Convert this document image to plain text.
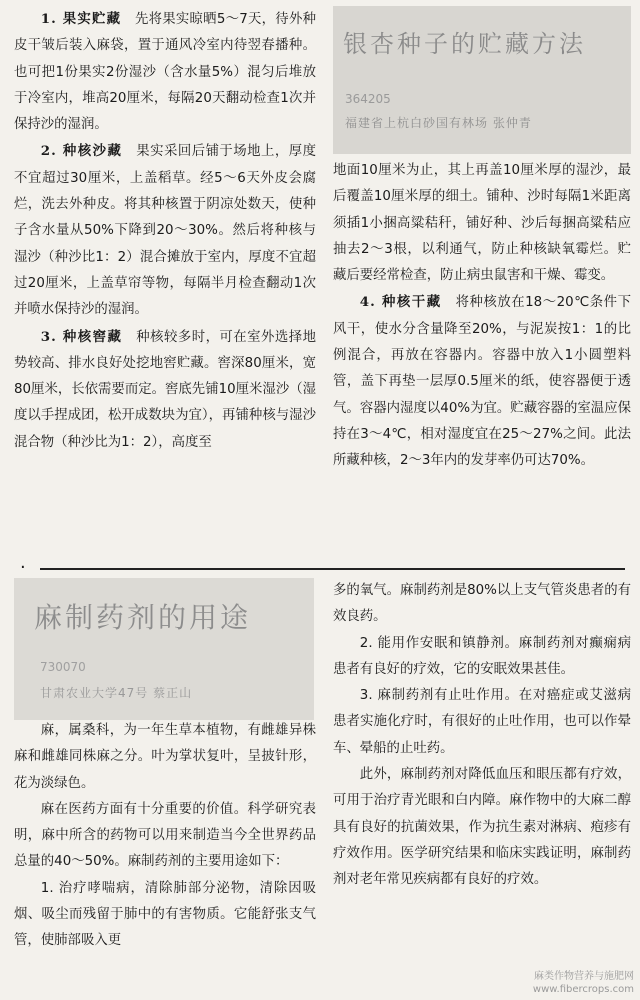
银杏种子的贮藏方法
364205
福建省上杭白砂国有林场 张仲青

1. 果实贮藏　 先将果实晾晒5～7天，待外种皮干皱后装入麻袋，置于通风冷室内待翌春播种。也可把1份果实2份湿沙（含水量5%）混匀后堆放于冷室内，堆高20厘米，每隔20天翻动检查1次并保持沙的湿润。

2. 种核沙藏　 果实采回后铺于场地上，厚度不宜超过30厘米，上盖稻草。经5～6天外皮会腐烂，洗去外种皮。将其种核置于阴凉处数天，使种子含水量从50%下降到20～30%。然后将种核与湿沙（种沙比1：2）混合摊放于室内，厚度不宜超过20厘米，上盖草帘等物，每隔半月检查翻动1次并喷水保持沙的湿润。

3. 种核窖藏　 种核较多时，可在室外选择地势较高、排水良好处挖地窖贮藏。窖深80厘米，宽80厘米，长依需要而定。窖底先铺10厘米湿沙（湿度以手捏成团，松开成数块为宜），再铺种核与湿沙混合物（种沙比为1：2），高度至

地面10厘米为止，其上再盖10厘米厚的湿沙，最后覆盖10厘米厚的细土。铺种、沙时每隔1米距离须插1小捆高粱秸秆，铺好种、沙后每捆高粱秸应抽去2～3根，以利通气，防止种核缺氧霉烂。贮藏后要经常检查，防止病虫鼠害和干燥、霉变。

4. 种核干藏　 将种核放在18～20℃条件下风干，使水分含量降至20%，与泥炭按1：1的比例混合，再放在容器内。容器中放入1小圆塑料管，盖下再垫一层厚0.5厘米的纸，使容器便于透气。容器内湿度以40%为宜。贮藏容器的室温应保持在3～4℃，相对湿度宜在25～27%之间。此法所藏种核，2～3年内的发芽率仍可达70%。

·
麻制药剂的用途
730070
甘肃农业大学47号 蔡正山

麻，属桑科，为一年生草本植物，有雌雄异株麻和雌雄同株麻之分。叶为掌状复叶，呈披针形，花为淡绿色。

麻在医药方面有十分重要的价值。科学研究表明，麻中所含的药物可以用来制造当今全世界药品总量的40～50%。麻制药剂的主要用途如下：

1. 治疗哮喘病，清除肺部分泌物，清除因吸烟、吸尘而残留于肺中的有害物质。它能舒张支气管，使肺部吸入更

多的氧气。麻制药剂是80%以上支气管炎患者的有效良药。

2. 能用作安眠和镇静剂。麻制药剂对癫痫病患者有良好的疗效，它的安眠效果甚佳。

3. 麻制药剂有止吐作用。在对癌症或艾滋病患者实施化疗时，有很好的止吐作用，也可以作晕车、晕船的止吐药。

此外，麻制药剂对降低血压和眼压都有疗效，可用于治疗青光眼和白内障。麻作物中的大麻二醇具有良好的抗菌效果，作为抗生素对淋病、疱疹有疗效作用。医学研究结果和临床实践证明，麻制药剂对老年常见疾病都有良好的疗效。

麻类作物营养与施肥网
www.fibercrops.com
